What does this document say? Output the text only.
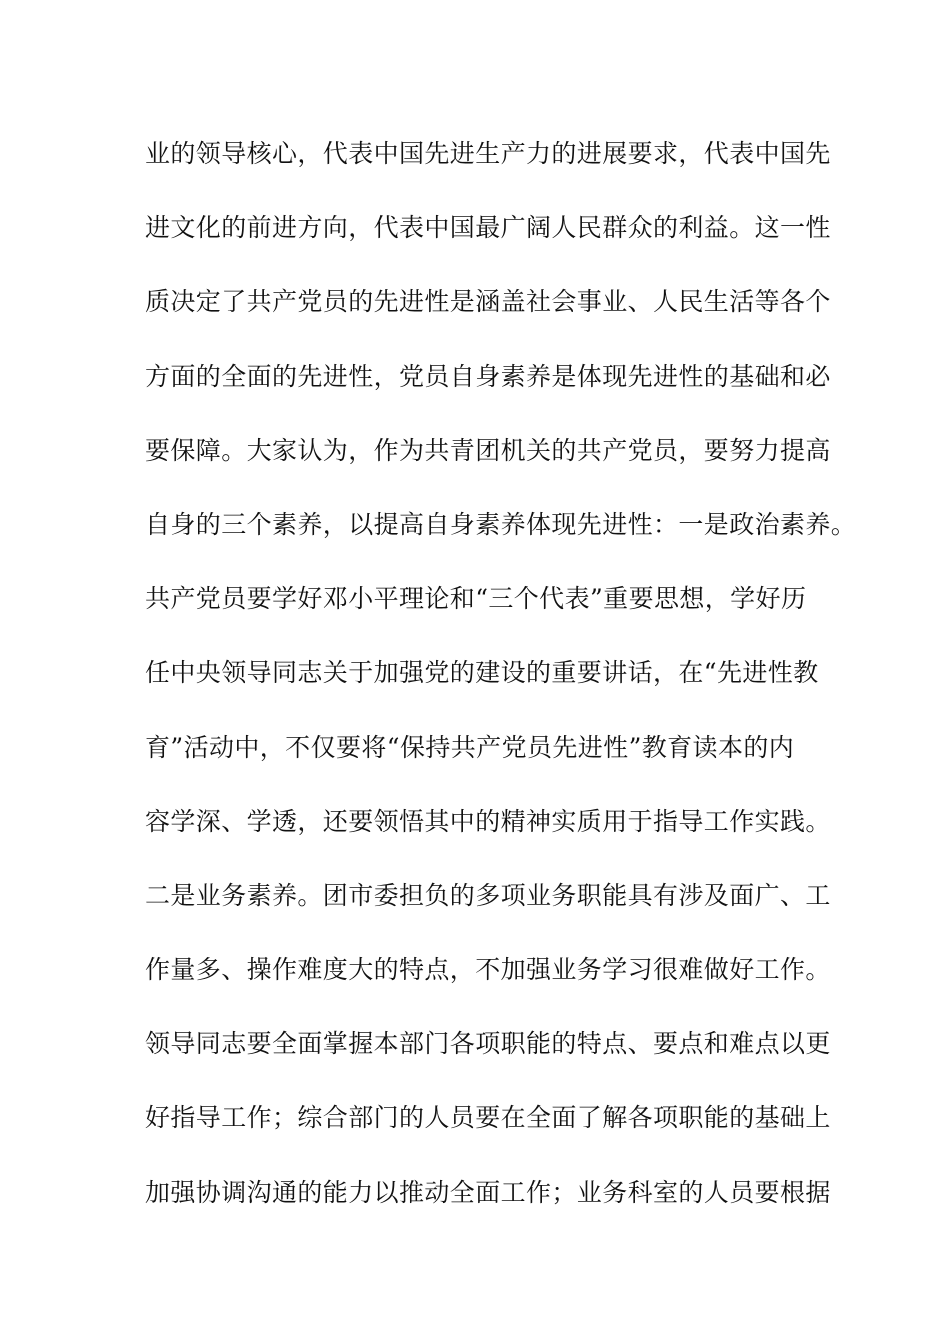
业的领导核心，代表中国先进生产力的进展要求，代表中国先
进文化的前进方向，代表中国最广阔人民群众的利益。这一性
质决定了共产党员的先进性是涵盖社会事业、人民生活等各个
方面的全面的先进性，党员自身素养是体现先进性的基础和必
要保障。大家认为，作为共青团机关的共产党员，要努力提高
自身的三个素养，以提高自身素养体现先进性：一是政治素养。
共产党员要学好邓小平理论和“三个代表”重要思想，学好历
任中央领导同志关于加强党的建设的重要讲话，在“先进性教
育”活动中，不仅要将“保持共产党员先进性”教育读本的内
容学深、学透，还要领悟其中的精神实质用于指导工作实践。
二是业务素养。团市委担负的多项业务职能具有涉及面广、工
作量多、操作难度大的特点，不加强业务学习很难做好工作。
领导同志要全面掌握本部门各项职能的特点、要点和难点以更
好指导工作；综合部门的人员要在全面了解各项职能的基础上
加强协调沟通的能力以推动全面工作；业务科室的人员要根据
